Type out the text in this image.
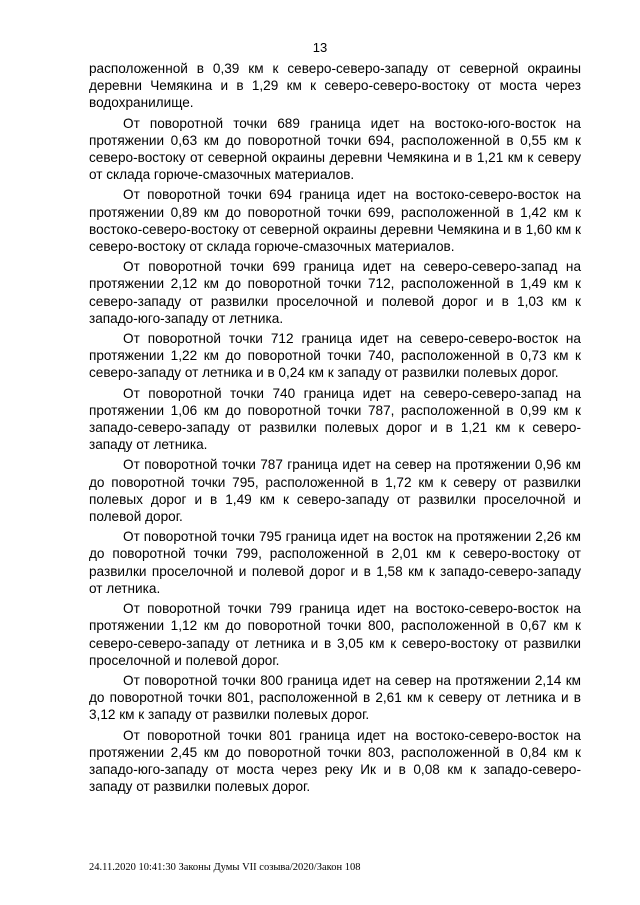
13

расположенной в 0,39 км к северо-северо-западу от северной окраины деревни Чемякина и в 1,29 км к северо-северо-востоку от моста через водохранилище.

От поворотной точки 689 граница идет на востоко-юго-восток на протяжении 0,63 км до поворотной точки 694, расположенной в 0,55 км к северо-востоку от северной окраины деревни Чемякина и в 1,21 км к северу от склада горюче-смазочных материалов.

От поворотной точки 694 граница идет на востоко-северо-восток на протяжении 0,89 км до поворотной точки 699, расположенной в 1,42 км к востоко-северо-востоку от северной окраины деревни Чемякина и в 1,60 км к северо-востоку от склада горюче-смазочных материалов.

От поворотной точки 699 граница идет на северо-северо-запад на протяжении 2,12 км до поворотной точки 712, расположенной в 1,49 км к северо-западу от развилки проселочной и полевой дорог и в 1,03 км к западо-юго-западу от летника.

От поворотной точки 712 граница идет на северо-северо-восток на протяжении 1,22 км до поворотной точки 740, расположенной в 0,73 км к северо-западу от летника и в 0,24 км к западу от развилки полевых дорог.

От поворотной точки 740 граница идет на северо-северо-запад на протяжении 1,06 км до поворотной точки 787, расположенной в 0,99 км к западо-северо-западу от развилки полевых дорог и в 1,21 км к северо-западу от летника.

От поворотной точки 787 граница идет на север на протяжении 0,96 км до поворотной точки 795, расположенной в 1,72 км к северу от развилки полевых дорог и в 1,49 км к северо-западу от развилки проселочной и полевой дорог.

От поворотной точки 795 граница идет на восток на протяжении 2,26 км до поворотной точки 799, расположенной в 2,01 км к северо-востоку от развилки проселочной и полевой дорог и в 1,58 км к западо-северо-западу от летника.

От поворотной точки 799 граница идет на востоко-северо-восток на протяжении 1,12 км до поворотной точки 800, расположенной в 0,67 км к северо-северо-западу от летника и в 3,05 км к северо-востоку от развилки проселочной и полевой дорог.

От поворотной точки 800 граница идет на север на протяжении 2,14 км до поворотной точки 801, расположенной в 2,61 км к северу от летника и в 3,12 км к западу от развилки полевых дорог.

От поворотной точки 801 граница идет на востоко-северо-восток на протяжении 2,45 км до поворотной точки 803, расположенной в 0,84 км к западо-юго-западу от моста через реку Ик и в 0,08 км к западо-северо-западу от развилки полевых дорог.

24.11.2020 10:41:30 Законы Думы VII созыва/2020/Закон 108
